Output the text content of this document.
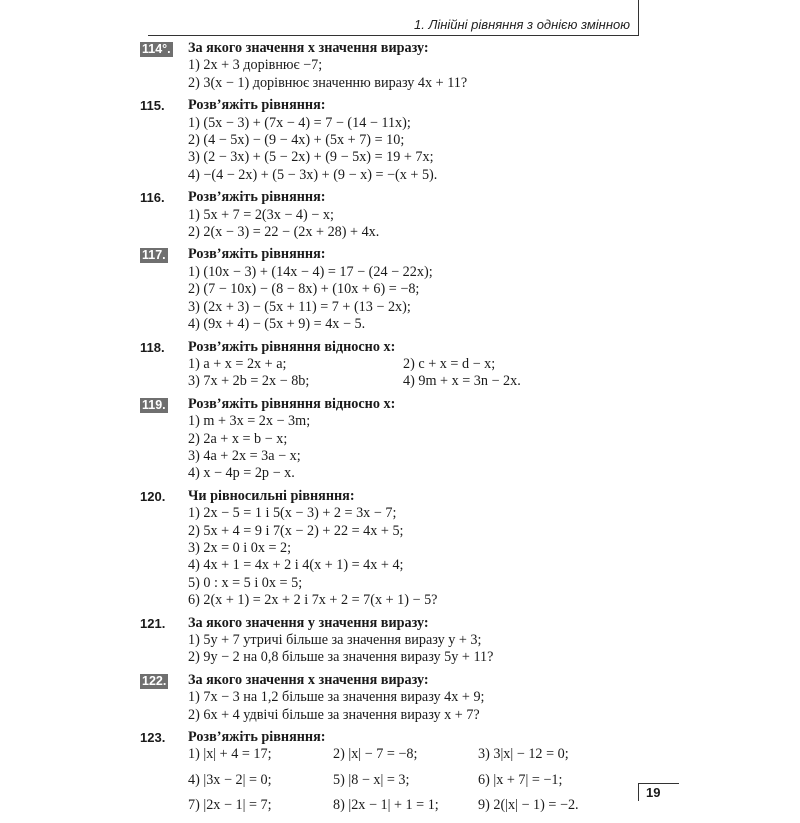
1. Лінійні рівняння з однією змінною
114°.	За якого значення x значення виразу:
1) 2x + 3 дорівнює −7;
2) 3(x − 1) дорівнює значенню виразу 4x + 11?
115.	Розв’яжіть рівняння:
1) (5x − 3) + (7x − 4) = 7 − (14 − 11x);
2) (4 − 5x) − (9 − 4x) + (5x + 7) = 10;
3) (2 − 3x) + (5 − 2x) + (9 − 5x) = 19 + 7x;
4) −(4 − 2x) + (5 − 3x) + (9 − x) = −(x + 5).
116.	Розв’яжіть рівняння:
1) 5x + 7 = 2(3x − 4) − x;
2) 2(x − 3) = 22 − (2x + 28) + 4x.
117.	Розв’яжіть рівняння:
1) (10x − 3) + (14x − 4) = 17 − (24 − 22x);
2) (7 − 10x) − (8 − 8x) + (10x + 6) = −8;
3) (2x + 3) − (5x + 11) = 7 + (13 − 2x);
4) (9x + 4) − (5x + 9) = 4x − 5.
118.	Розв’яжіть рівняння відносно x:
1) a + x = 2x + a;	2) c + x = d − x;
3) 7x + 2b = 2x − 8b;	4) 9m + x = 3n − 2x.
119.	Розв’яжіть рівняння відносно x:
1) m + 3x = 2x − 3m;
2) 2a + x = b − x;
3) 4a + 2x = 3a − x;
4) x − 4p = 2p − x.
120.	Чи рівносильні рівняння:
1) 2x − 5 = 1 і 5(x − 3) + 2 = 3x − 7;
2) 5x + 4 = 9 і 7(x − 2) + 22 = 4x + 5;
3) 2x = 0 і 0x = 2;
4) 4x + 1 = 4x + 2 і 4(x + 1) = 4x + 4;
5) 0 : x = 5 і 0x = 5;
6) 2(x + 1) = 2x + 2 і 7x + 2 = 7(x + 1) − 5?
121.	За якого значення y значення виразу:
1) 5y + 7 утричі більше за значення виразу y + 3;
2) 9y − 2 на 0,8 більше за значення виразу 5y + 11?
122.	За якого значення x значення виразу:
1) 7x − 3 на 1,2 більше за значення виразу 4x + 9;
2) 6x + 4 удвічі більше за значення виразу x + 7?
123.	Розв’яжіть рівняння:
1) |x| + 4 = 17;	2) |x| − 7 = −8;	3) 3|x| − 12 = 0;
4) |3x − 2| = 0;	5) |8 − x| = 3;	6) |x + 7| = −1;
7) |2x − 1| = 7;	8) |2x − 1| + 1 = 1;	9) 2(|x| − 1) = −2.
19
